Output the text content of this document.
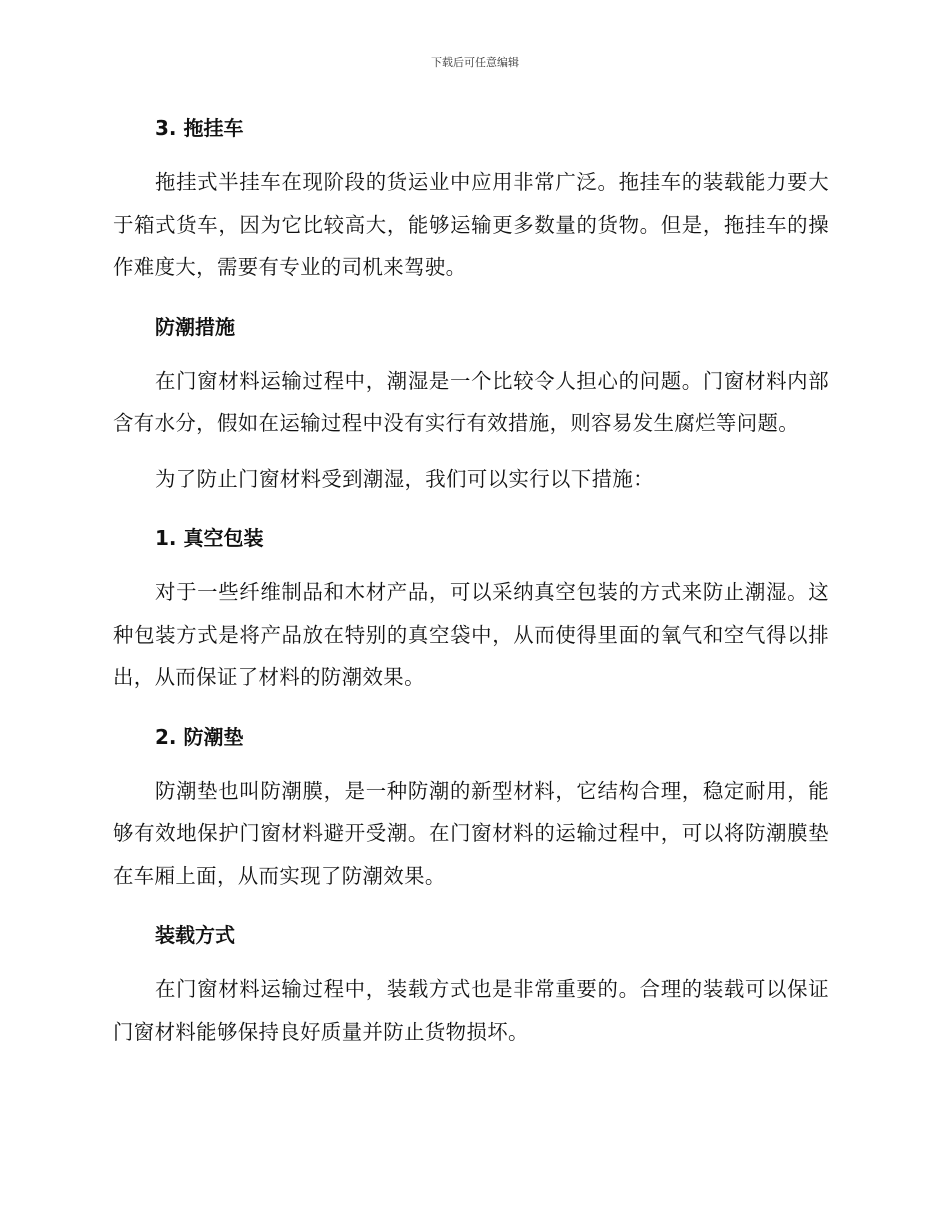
下载后可任意编辑
3. 拖挂车

拖挂式半挂车在现阶段的货运业中应用非常广泛。拖挂车的装载能力要大于箱式货车，因为它比较高大，能够运输更多数量的货物。但是，拖挂车的操作难度大，需要有专业的司机来驾驶。

防潮措施

在门窗材料运输过程中，潮湿是一个比较令人担心的问题。门窗材料内部含有水分，假如在运输过程中没有实行有效措施，则容易发生腐烂等问题。

为了防止门窗材料受到潮湿，我们可以实行以下措施：

1. 真空包装

对于一些纤维制品和木材产品，可以采纳真空包装的方式来防止潮湿。这种包装方式是将产品放在特别的真空袋中，从而使得里面的氧气和空气得以排出，从而保证了材料的防潮效果。

2. 防潮垫

防潮垫也叫防潮膜，是一种防潮的新型材料，它结构合理，稳定耐用，能够有效地保护门窗材料避开受潮。在门窗材料的运输过程中，可以将防潮膜垫在车厢上面，从而实现了防潮效果。

装载方式

在门窗材料运输过程中，装载方式也是非常重要的。合理的装载可以保证门窗材料能够保持良好质量并防止货物损坏。
